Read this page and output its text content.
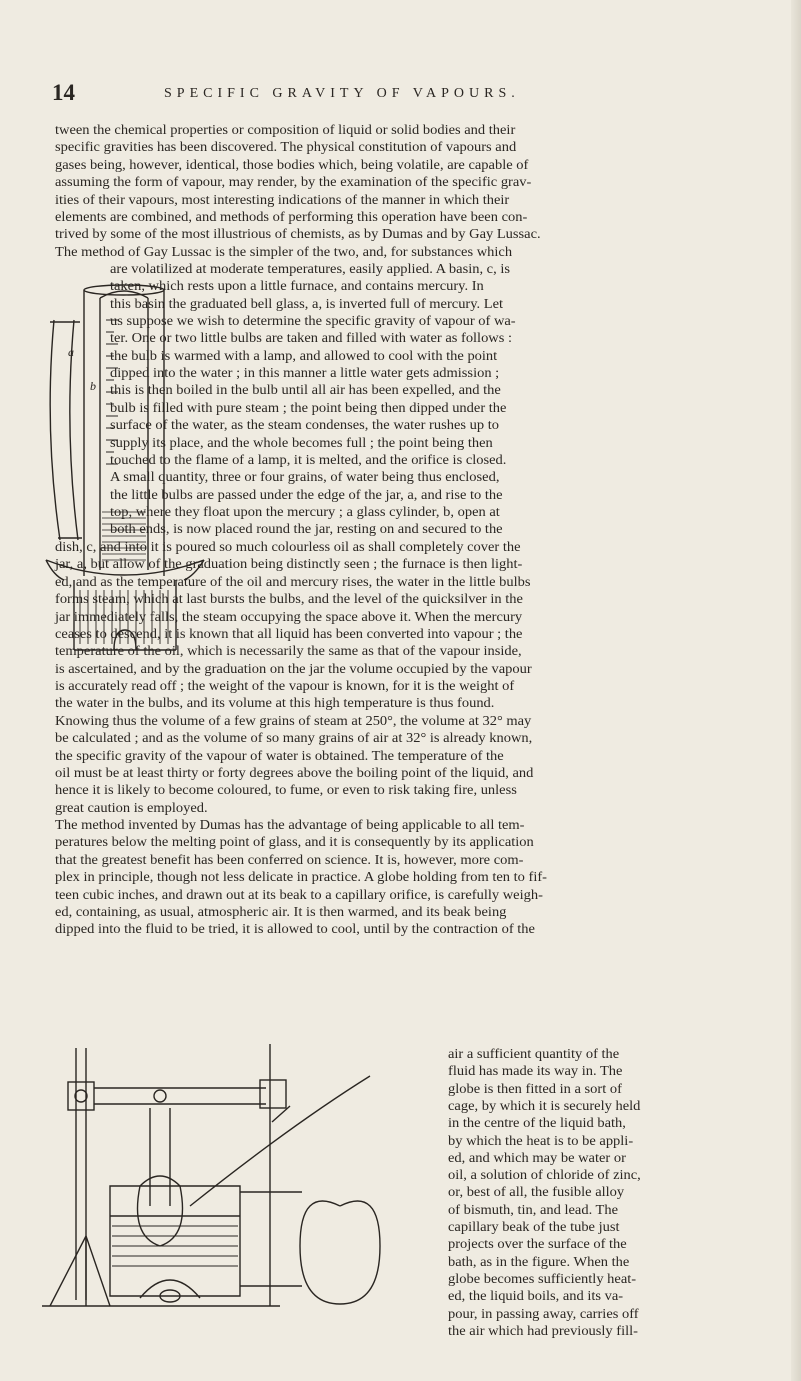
14	SPECIFIC GRAVITY OF VAPOURS.
tween the chemical properties or composition of liquid or solid bodies and their
specific gravities has been discovered. The physical constitution of vapours and
gases being, however, identical, those bodies which, being volatile, are capable of
assuming the form of vapour, may render, by the examination of the specific grav-
ities of their vapours, most interesting indications of the manner in which their
elements are combined, and methods of performing this operation have been con-
trived by some of the most illustrious of chemists, as by Dumas and by Gay Lussac.
The method of Gay Lussac is the simpler of the two, and, for substances which
are volatilized at moderate temperatures, easily applied. A basin, c, is
taken, which rests upon a little furnace, and contains mercury. In
this basin the graduated bell glass, a, is inverted full of mercury. Let
us suppose we wish to determine the specific gravity of vapour of wa-
ter. One or two little bulbs are taken and filled with water as follows :
the bulb is warmed with a lamp, and allowed to cool with the point
dipped into the water ; in this manner a little water gets admission ;
this is then boiled in the bulb until all air has been expelled, and the
bulb is filled with pure steam ; the point being then dipped under the
surface of the water, as the steam condenses, the water rushes up to
supply its place, and the whole becomes full ; the point being then
touched to the flame of a lamp, it is melted, and the orifice is closed.
A small quantity, three or four grains, of water being thus enclosed,
the little bulbs are passed under the edge of the jar, a, and rise to the
top, where they float upon the mercury ; a glass cylinder, b, open at
both ends, is now placed round the jar, resting on and secured to the
dish, c, and into it is poured so much colourless oil as shall completely cover the
jar, a, but allow of the graduation being distinctly seen ; the furnace is then light-
ed, and as the temperature of the oil and mercury rises, the water in the little bulbs
forms steam, which at last bursts the bulbs, and the level of the quicksilver in the
jar immediately falls, the steam occupying the space above it. When the mercury
ceases to descend, it is known that all liquid has been converted into vapour ; the
temperature of the oil, which is necessarily the same as that of the vapour inside,
is ascertained, and by the graduation on the jar the volume occupied by the vapour
is accurately read off ; the weight of the vapour is known, for it is the weight of
the water in the bulbs, and its volume at this high temperature is thus found.
Knowing thus the volume of a few grains of steam at 250°, the volume at 32° may
be calculated ; and as the volume of so many grains of air at 32° is already known,
the specific gravity of the vapour of water is obtained. The temperature of the
oil must be at least thirty or forty degrees above the boiling point of the liquid, and
hence it is likely to become coloured, to fume, or even to risk taking fire, unless
great caution is employed.
The method invented by Dumas has the advantage of being applicable to all tem-
peratures below the melting point of glass, and it is consequently by its application
that the greatest benefit has been conferred on science. It is, however, more com-
plex in principle, though not less delicate in practice. A globe holding from ten to fif-
teen cubic inches, and drawn out at its beak to a capillary orifice, is carefully weigh-
ed, containing, as usual, atmospheric air. It is then warmed, and its beak being
dipped into the fluid to be tried, it is allowed to cool, until by the contraction of the
air a sufficient quantity of the
fluid has made its way in. The
globe is then fitted in a sort of
cage, by which it is securely held
in the centre of the liquid bath,
by which the heat is to be appli-
ed, and which may be water or
oil, a solution of chloride of zinc,
or, best of all, the fusible alloy
of bismuth, tin, and lead. The
capillary beak of the tube just
projects over the surface of the
bath, as in the figure. When the
globe becomes sufficiently heat-
ed, the liquid boils, and its va-
pour, in passing away, carries off
the air which had previously fill-
a
b
